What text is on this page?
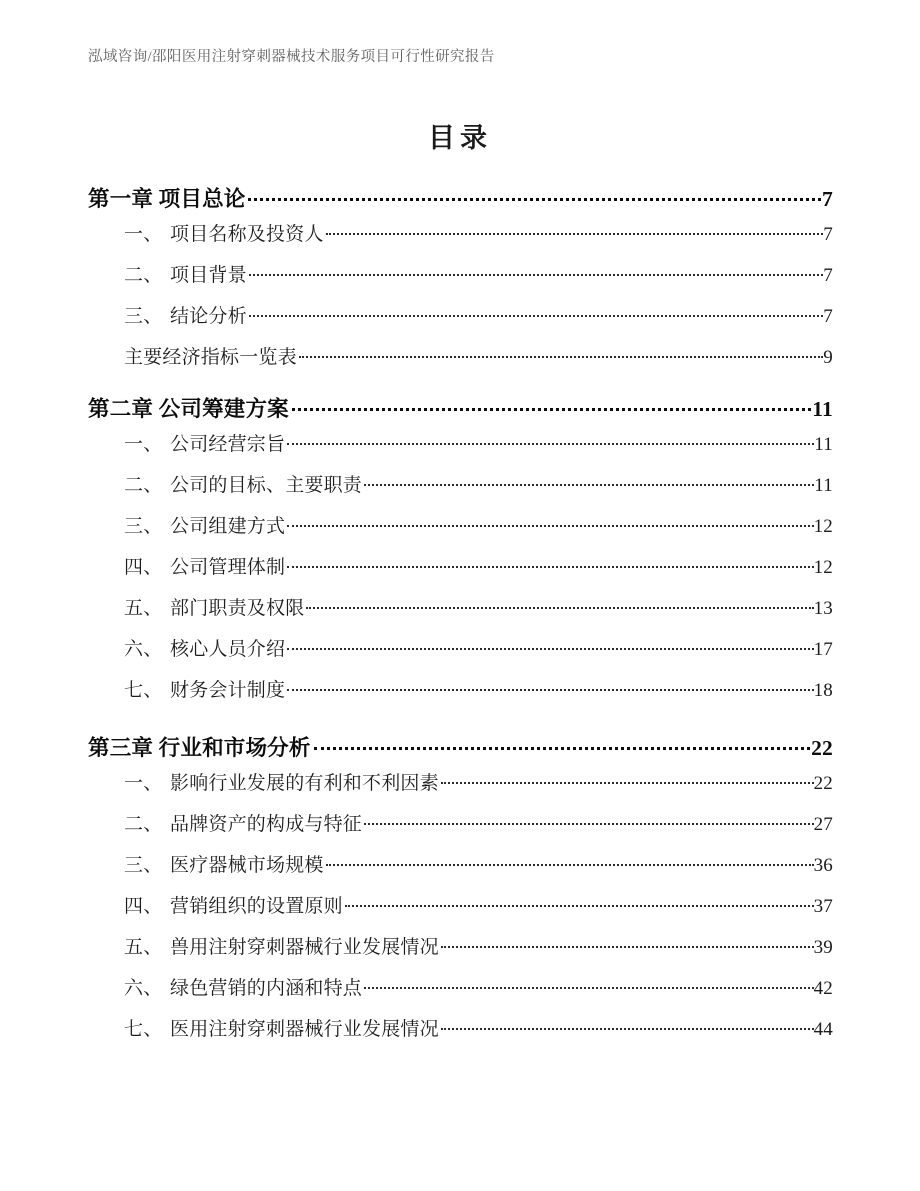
泓域咨询/邵阳医用注射穿刺器械技术服务项目可行性研究报告
目录
第一章 项目总论	7
一、 项目名称及投资人	7
二、 项目背景	7
三、 结论分析	7
主要经济指标一览表	9
第二章 公司筹建方案	11
一、 公司经营宗旨	11
二、 公司的目标、主要职责	11
三、 公司组建方式	12
四、 公司管理体制	12
五、 部门职责及权限	13
六、 核心人员介绍	17
七、 财务会计制度	18
第三章 行业和市场分析	22
一、 影响行业发展的有利和不利因素	22
二、 品牌资产的构成与特征	27
三、 医疗器械市场规模	36
四、 营销组织的设置原则	37
五、 兽用注射穿刺器械行业发展情况	39
六、 绿色营销的内涵和特点	42
七、 医用注射穿刺器械行业发展情况	44
